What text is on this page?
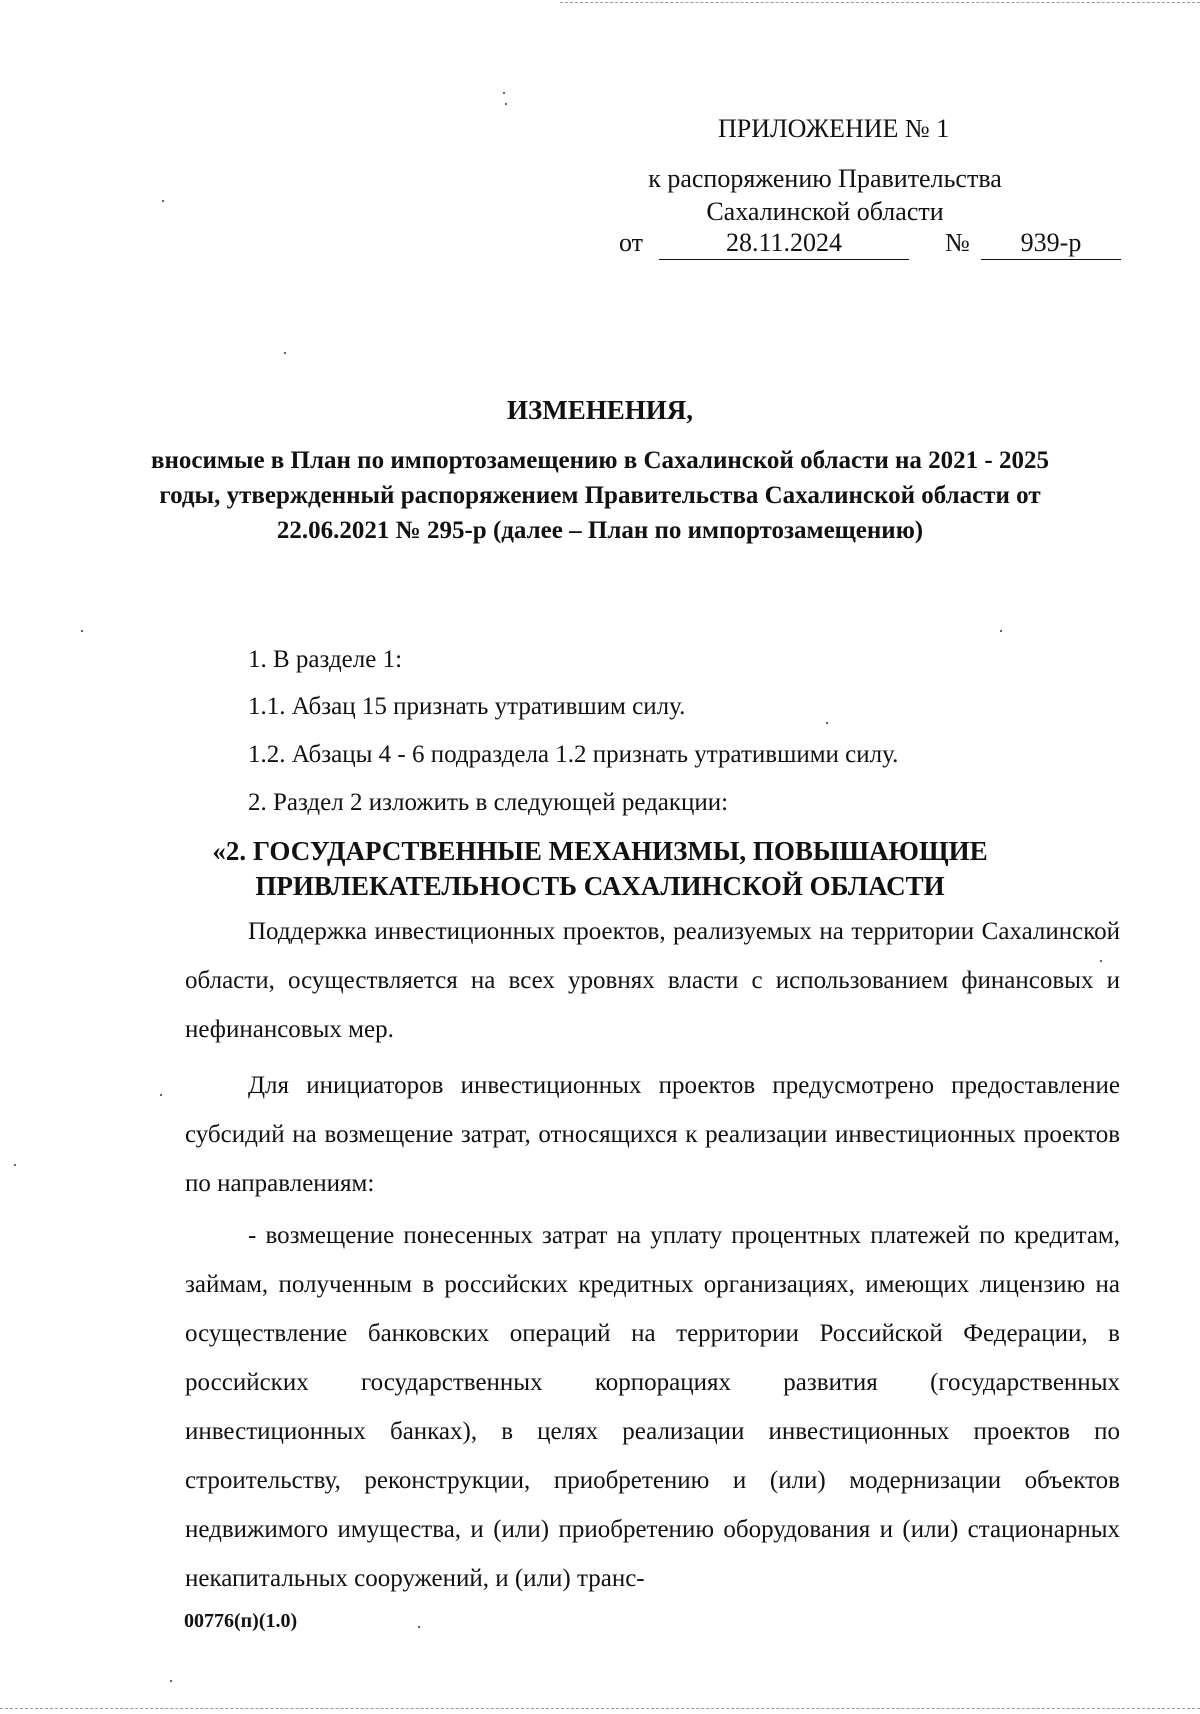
ПРИЛОЖЕНИЕ № 1
к распоряжению Правительства
Сахалинской области
от	28.11.2024	№	939-р
ИЗМЕНЕНИЯ,
вносимые в План по импортозамещению в Сахалинской области на 2021 - 2025 годы, утвержденный распоряжением Правительства Сахалинской области от 22.06.2021 № 295-р (далее – План по импортозамещению)
1. В разделе 1:
1.1. Абзац 15 признать утратившим силу.
1.2. Абзацы 4 - 6 подраздела 1.2 признать утратившими силу.
2. Раздел 2 изложить в следующей редакции:
«2. ГОСУДАРСТВЕННЫЕ МЕХАНИЗМЫ, ПОВЫШАЮЩИЕ ПРИВЛЕКАТЕЛЬНОСТЬ САХАЛИНСКОЙ ОБЛАСТИ
Поддержка инвестиционных проектов, реализуемых на территории Сахалинской области, осуществляется на всех уровнях власти с использованием финансовых и нефинансовых мер.
Для инициаторов инвестиционных проектов предусмотрено предоставление субсидий на возмещение затрат, относящихся к реализации инвестиционных проектов по направлениям:
- возмещение понесенных затрат на уплату процентных платежей по кредитам, займам, полученным в российских кредитных организациях, имеющих лицензию на осуществление банковских операций на территории Российской Федерации, в российских государственных корпорациях развития (государственных инвестиционных банках), в целях реализации инвестиционных проектов по строительству, реконструкции, приобретению и (или) модернизации объектов недвижимого имущества, и (или) приобретению оборудования и (или) стационарных некапитальных сооружений, и (или) транс-
00776(п)(1.0)
